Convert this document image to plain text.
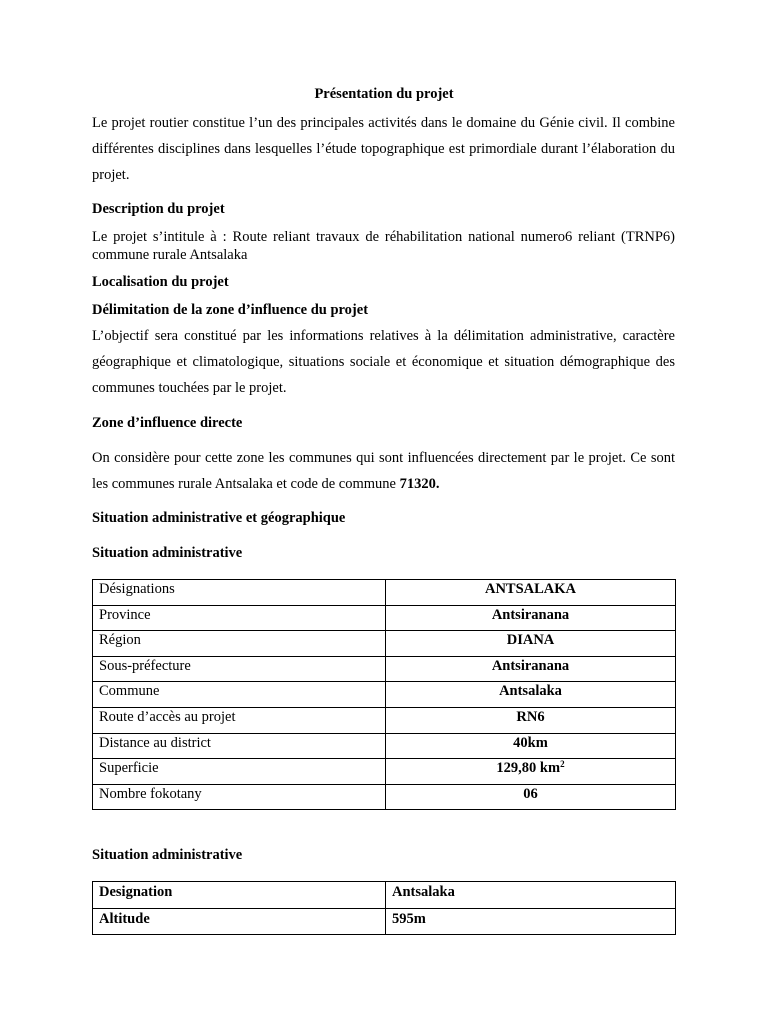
Présentation du projet
Le projet routier constitue l’un des principales activités dans le domaine du Génie civil. Il combine différentes disciplines dans lesquelles l’étude topographique est primordiale durant l’élaboration du projet.
Description du projet
Le projet s’intitule à : Route reliant travaux de réhabilitation national numero6 reliant (TRNP6) commune rurale Antsalaka
Localisation du projet
Délimitation de la zone d’influence du projet
L’objectif sera constitué par les informations relatives à la délimitation administrative, caractère géographique et climatologique, situations sociale et économique et situation démographique des communes touchées par le projet.
Zone d’influence directe
On considère pour cette zone les communes qui sont influencées directement par le projet. Ce sont les communes rurale Antsalaka et code de commune 71320.
Situation administrative et géographique
Situation administrative
Désignations	ANTSALAKA
Province	Antsiranana
Région	DIANA
Sous-préfecture	Antsiranana
Commune	Antsalaka
Route d’accès au projet	RN6
Distance au district	40km
Superficie	129,80 $km^2$
Nombre fokotany	06
Situation administrative
Designation	Antsalaka
Altitude	595m
